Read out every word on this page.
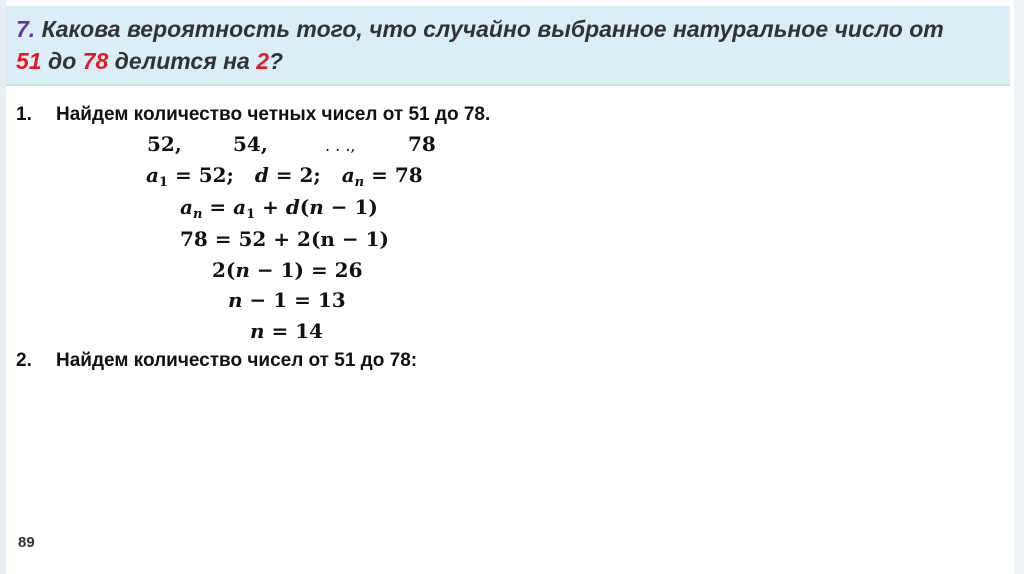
7. Какова вероятность того, что случайно выбранное натуральное число от
51 до 78 делится на 2?
1. Найдем количество четных чисел от 51 до 78.
52,	54,	. . .,	78
$a_1 = 52$;   d = 2;   $a_n = 78$
$a_n = a_1 + d(n - 1)$
78 = 52 + 2(n − 1)
2(n − 1) = 26
n − 1 = 13
n = 14
2. Найдем количество чисел от 51 до 78:
89
